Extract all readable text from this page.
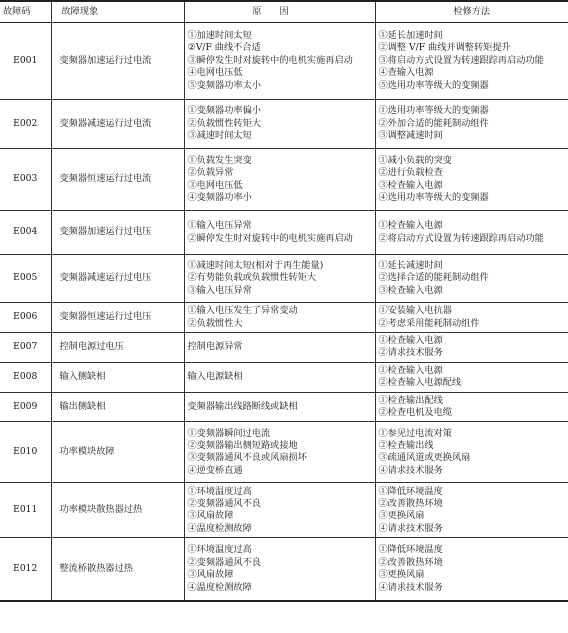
故障码	故障现象	原因	检修方法
E001	变频器加速运行过电流	①加速时间太短
②V/F 曲线不合适
③瞬停发生时对旋转中的电机实施再启动
④电网电压低
⑤变频器功率太小	①延长加速时间
②调整 V/F 曲线并调整转矩提升
③将启动方式设置为转速跟踪再启动功能
④查输入电源
⑤选用功率等级大的变频器

E002	变频器减速运行过电流	①变频器功率偏小
②负载惯性转矩大
③减速时间太短	①选用功率等级大的变频器
②外加合适的能耗制动组件
③调整减速时间

E003	变频器恒速运行过电流	①负载发生突变
②负载异常
③电网电压低
④变频器功率小	①减小负载的突变
②进行负载检查
③检查输入电源
④选用功率等级大的变频器

E004	变频器加速运行过电压	①输入电压异常
②瞬停发生时对旋转中的电机实施再启动	①检查输入电源
②将启动方式设置为转速跟踪再启动功能

E005	变频器减速运行过电压	①减速时间太短(相对于再生能量)
②有势能负载或负载惯性转矩大
③输入电压异常	①延长减速时间
②选择合适的能耗制动组件
③检查输入电源

E006	变频器恒速运行过电压	①输入电压发生了异常变动
②负载惯性大	①安装输入电抗器
②考虑采用能耗制动组件

E007	控制电源过电压	控制电源异常	①检查输入电源
②请求技术服务

E008	输入侧缺相	输入电源缺相	①检查输入电源
②检查输入电源配线

E009	输出侧缺相	变频器输出线路断线或缺相	①检查输出配线
②检查电机及电缆

E010	功率模块故障	①变频器瞬间过电流
②变频器输出侧短路或接地
③变频器通风不良或风扇损坏
④逆变桥直通	①参见过电流对策
②检查输出线
③疏通风道或更换风扇
④请求技术服务

E011	功率模块散热器过热	①环境温度过高
②变频器通风不良
③风扇故障
④温度检测故障	①降低环境温度
②改善散热环境
③更换风扇
④请求技术服务

E012	整流桥散热器过热	①环境温度过高
②变频器通风不良
③风扇故障
④温度检测故障	①降低环境温度
②改善散热环境
③更换风扇
④请求技术服务
